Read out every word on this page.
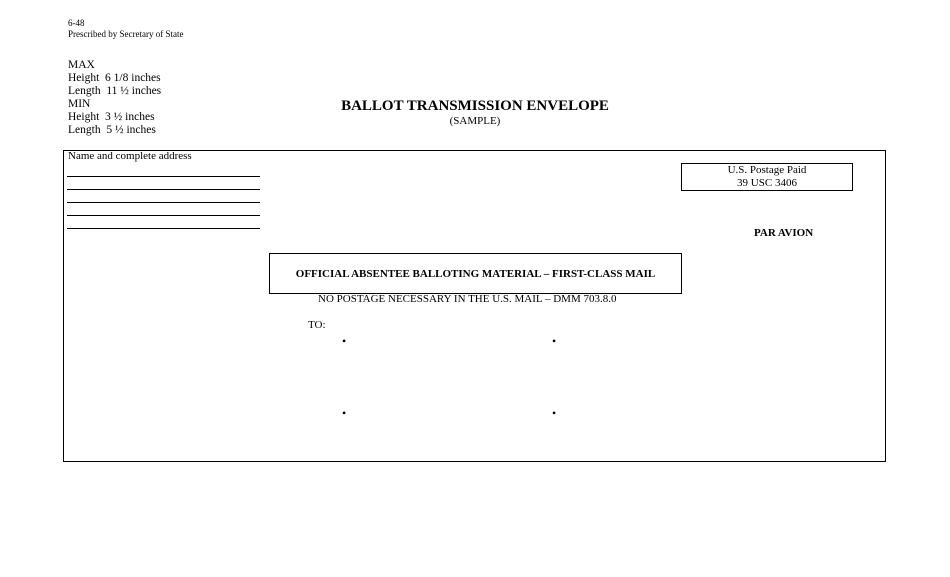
6-48
Prescribed by Secretary of State
MAX
Height  6 1/8 inches
Length  11 ½ inches
MIN
Height  3 ½ inches
Length  5 ½ inches
BALLOT TRANSMISSION ENVELOPE
(SAMPLE)
Name and complete address
U.S. Postage Paid
39 USC 3406
PAR AVION
OFFICIAL ABSENTEE BALLOTING MATERIAL – FIRST-CLASS MAIL
NO POSTAGE NECESSARY IN THE U.S. MAIL – DMM 703.8.0
TO:
•	•
•	•
